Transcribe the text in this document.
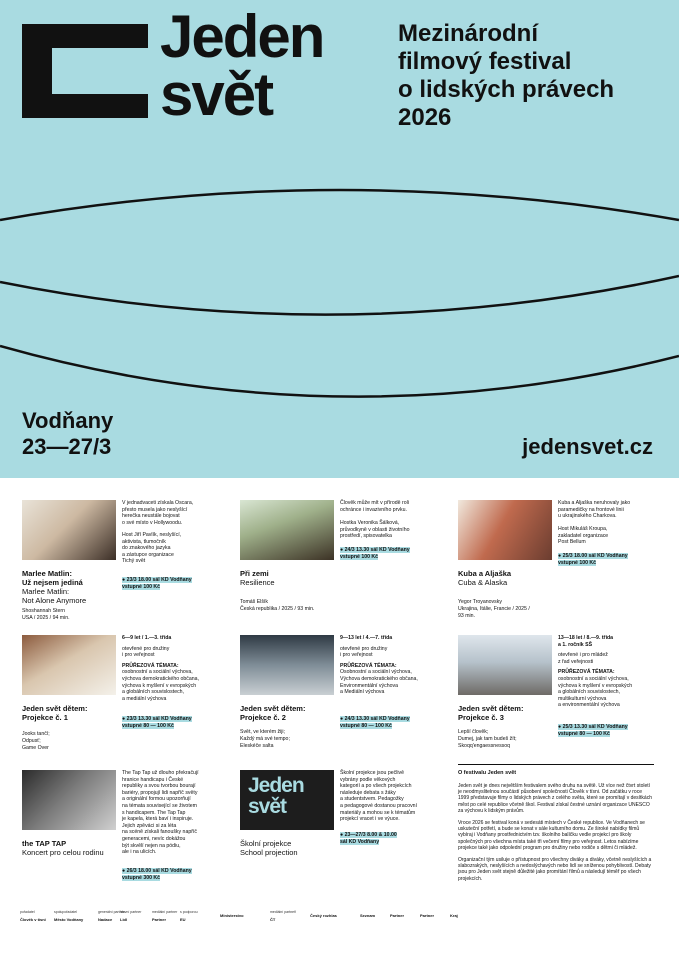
Jeden
svět
Mezinárodní
filmový festival
o lidských právech
2026
Vodňany
23—27/3	jedensvet.cz
Marlee Matlin:
Už nejsem jediná
Marlee Matlin:
Not Alone Anymore
Shoshannah Stern
USA / 2025 / 94 min.
V jednadvaceti získala Oscara,
přesto musela jako neslyšící
herečka neustále bojovat
o své místo v Hollywoodu.
Host Jiří Pavlík, neslyšící,
aktivista, tlumočník
do znakového jazyka
a zástupce organizace
Tichý svět
● 23/3 18.00 sál KD Vodňany
vstupné 100 Kč
Při zemi
Resilience
Tomáš Elšík
Česká republika / 2025 / 93 min.
Člověk může mít v přírodě roli
ochránce i invazivního prvku.
Hostka Veronika Šálková,
průvodkyně v oblasti životního
prostředí, spisovatelka
● 24/3 13.30 sál KD Vodňany
vstupné 100 Kč
Kuba a Aljaška
Cuba & Alaska
Yegor Troyanovsky
Ukrajina, Itálie, Francie / 2025 /
93 min.
Kuba a Aljaška neruhovaly jako
paramedičky na frontové linii
u ukrajinského Charkova.
Host Mikuláš Kroupa,
zakladatel organizace
Post Bellum
● 25/3 18.00 sál KD Vodňany
vstupné 100 Kč
Jeden svět dětem:
Projekce č. 1
Jooks tančí;
Odpusť;
Game Over
6—9 let / 1.—3. třída
otevřené pro družiny
i pro veřejnost
PRŮŘEZOVÁ TÉMATA:
osobnostní a sociální výchova,
výchova demokratického občana,
výchova k myšlení v evropských
a globálních souvislostech,
a mediální výchova
● 23/3 13.30 sál KD Vodňany
vstupné 80 — 100 Kč
Jeden svět dětem:
Projekce č. 2
Svět, ve kterém žiji;
Každý má své tempo;
Eleskéče salta
9—13 let / 4.—7. třída
otevřené pro družiny
i pro veřejnost
PRŮŘEZOVÁ TÉMATA:
Osobnostní a sociální výchova,
Výchova demokratického občana,
Environmentální výchova
a Mediální výchova
● 24/3 13.30 sál KD Vodňany
vstupné 80 — 100 Kč
Jeden svět dětem:
Projekce č. 3
Lepší člověk;
Dumej, jak tam budeš žít;
Skoqq'engaessnessoq
13—18 let / 8.—9. třída
a 1. ročník SŠ
otevřené i pro mládež
z řad veřejnosti
PRŮŘEZOVÁ TÉMATA:
osobnostní a sociální výchova,
výchova k myšlení v evropských
a globálních souvislostech,
multikulturní výchova
a environmentální výchova
● 25/3 13.30 sál KD Vodňany
vstupné 80 — 100 Kč
the TAP TAP
Koncert pro celou rodinu
The Tap Tap už dlouho překračují
hranice handicapu i České
republiky a svou tvorbou bourají
bariéry, propojují lidi napříč světy
a originální formou upozorňují
na témata související se životem
s handicapem. The Tap Tap
je kapela, která baví i inspiruje.
Jejich zpěváci si za léta
na scéně získali fanoušky napříč
generacemi, nevíc dokážou
být skvělí nejen na pódiu,
ale i na ulicích.
● 26/3 18.00 sál KD Vodňany
vstupné 300 Kč
Jeden
svět
Školní projekce
School projection
Školní projekce jsou pečlivě
vybrány podle věkových
kategorií a po všech projekcích
následuje debata s žáky
a studentstvem. Pedagožky
a pedagogové dostanou pracovní
materiály a mohou se k tématům
projekcí vracet i ve výuce.
● 23—27/3 8.00 & 10.00
sál KD Vodňany
O festivalu Jeden svět

Jeden svět je dnes největším festivalem svého druhu na světě. Už více než čtvrt století je neodmyslitelnou součástí působení společnosti Člověk v tísni. Od začátku v roce 1999 představuje filmy o lidských právech z celého světa, které se promítají v desítkách měst po celé republice včetně škol. Festival získal čestné uznání organizace UNESCO za výchovu k lidským právům.

Vroce 2026 se festival koná v sedesáti místech v České republice. Ve Vodňanech se uskuteční potřetí, a bude se konat v sále kulturního domu. Ze široké nabídky filmů vybíraj i Vodňany prostřednictvím tzv. školního balíčku vedle projekcí pro školy společných pro všechna místa také tři večerní filmy pro veřejnost. Letos nabízíme projekce také jako odpolední program pro družiny nebo rodiče s dětmi či mládež.

Organizační tým usiluje o přístupnost pro všechny diváky a diváky, včetně neslyšících a slabozrakých, neslyšících a nedoslýchavých nebo lidí se sníženou pohyblivostí. Debaty jsou pro Jeden svět stejně důležité jako promítání filmů a následují téměř po všech projekcích.

pořadatel
Člověk v tísni
spolupořadatel
Město Vodňany
generální partner
Nadace
hlavní partner
Lidl
mediální partner
Partner
s podporou
EU
Ministerstvo
mediální partneři
ČT
Český rozhlas	Seznam	Partner	Partner	Kraj
